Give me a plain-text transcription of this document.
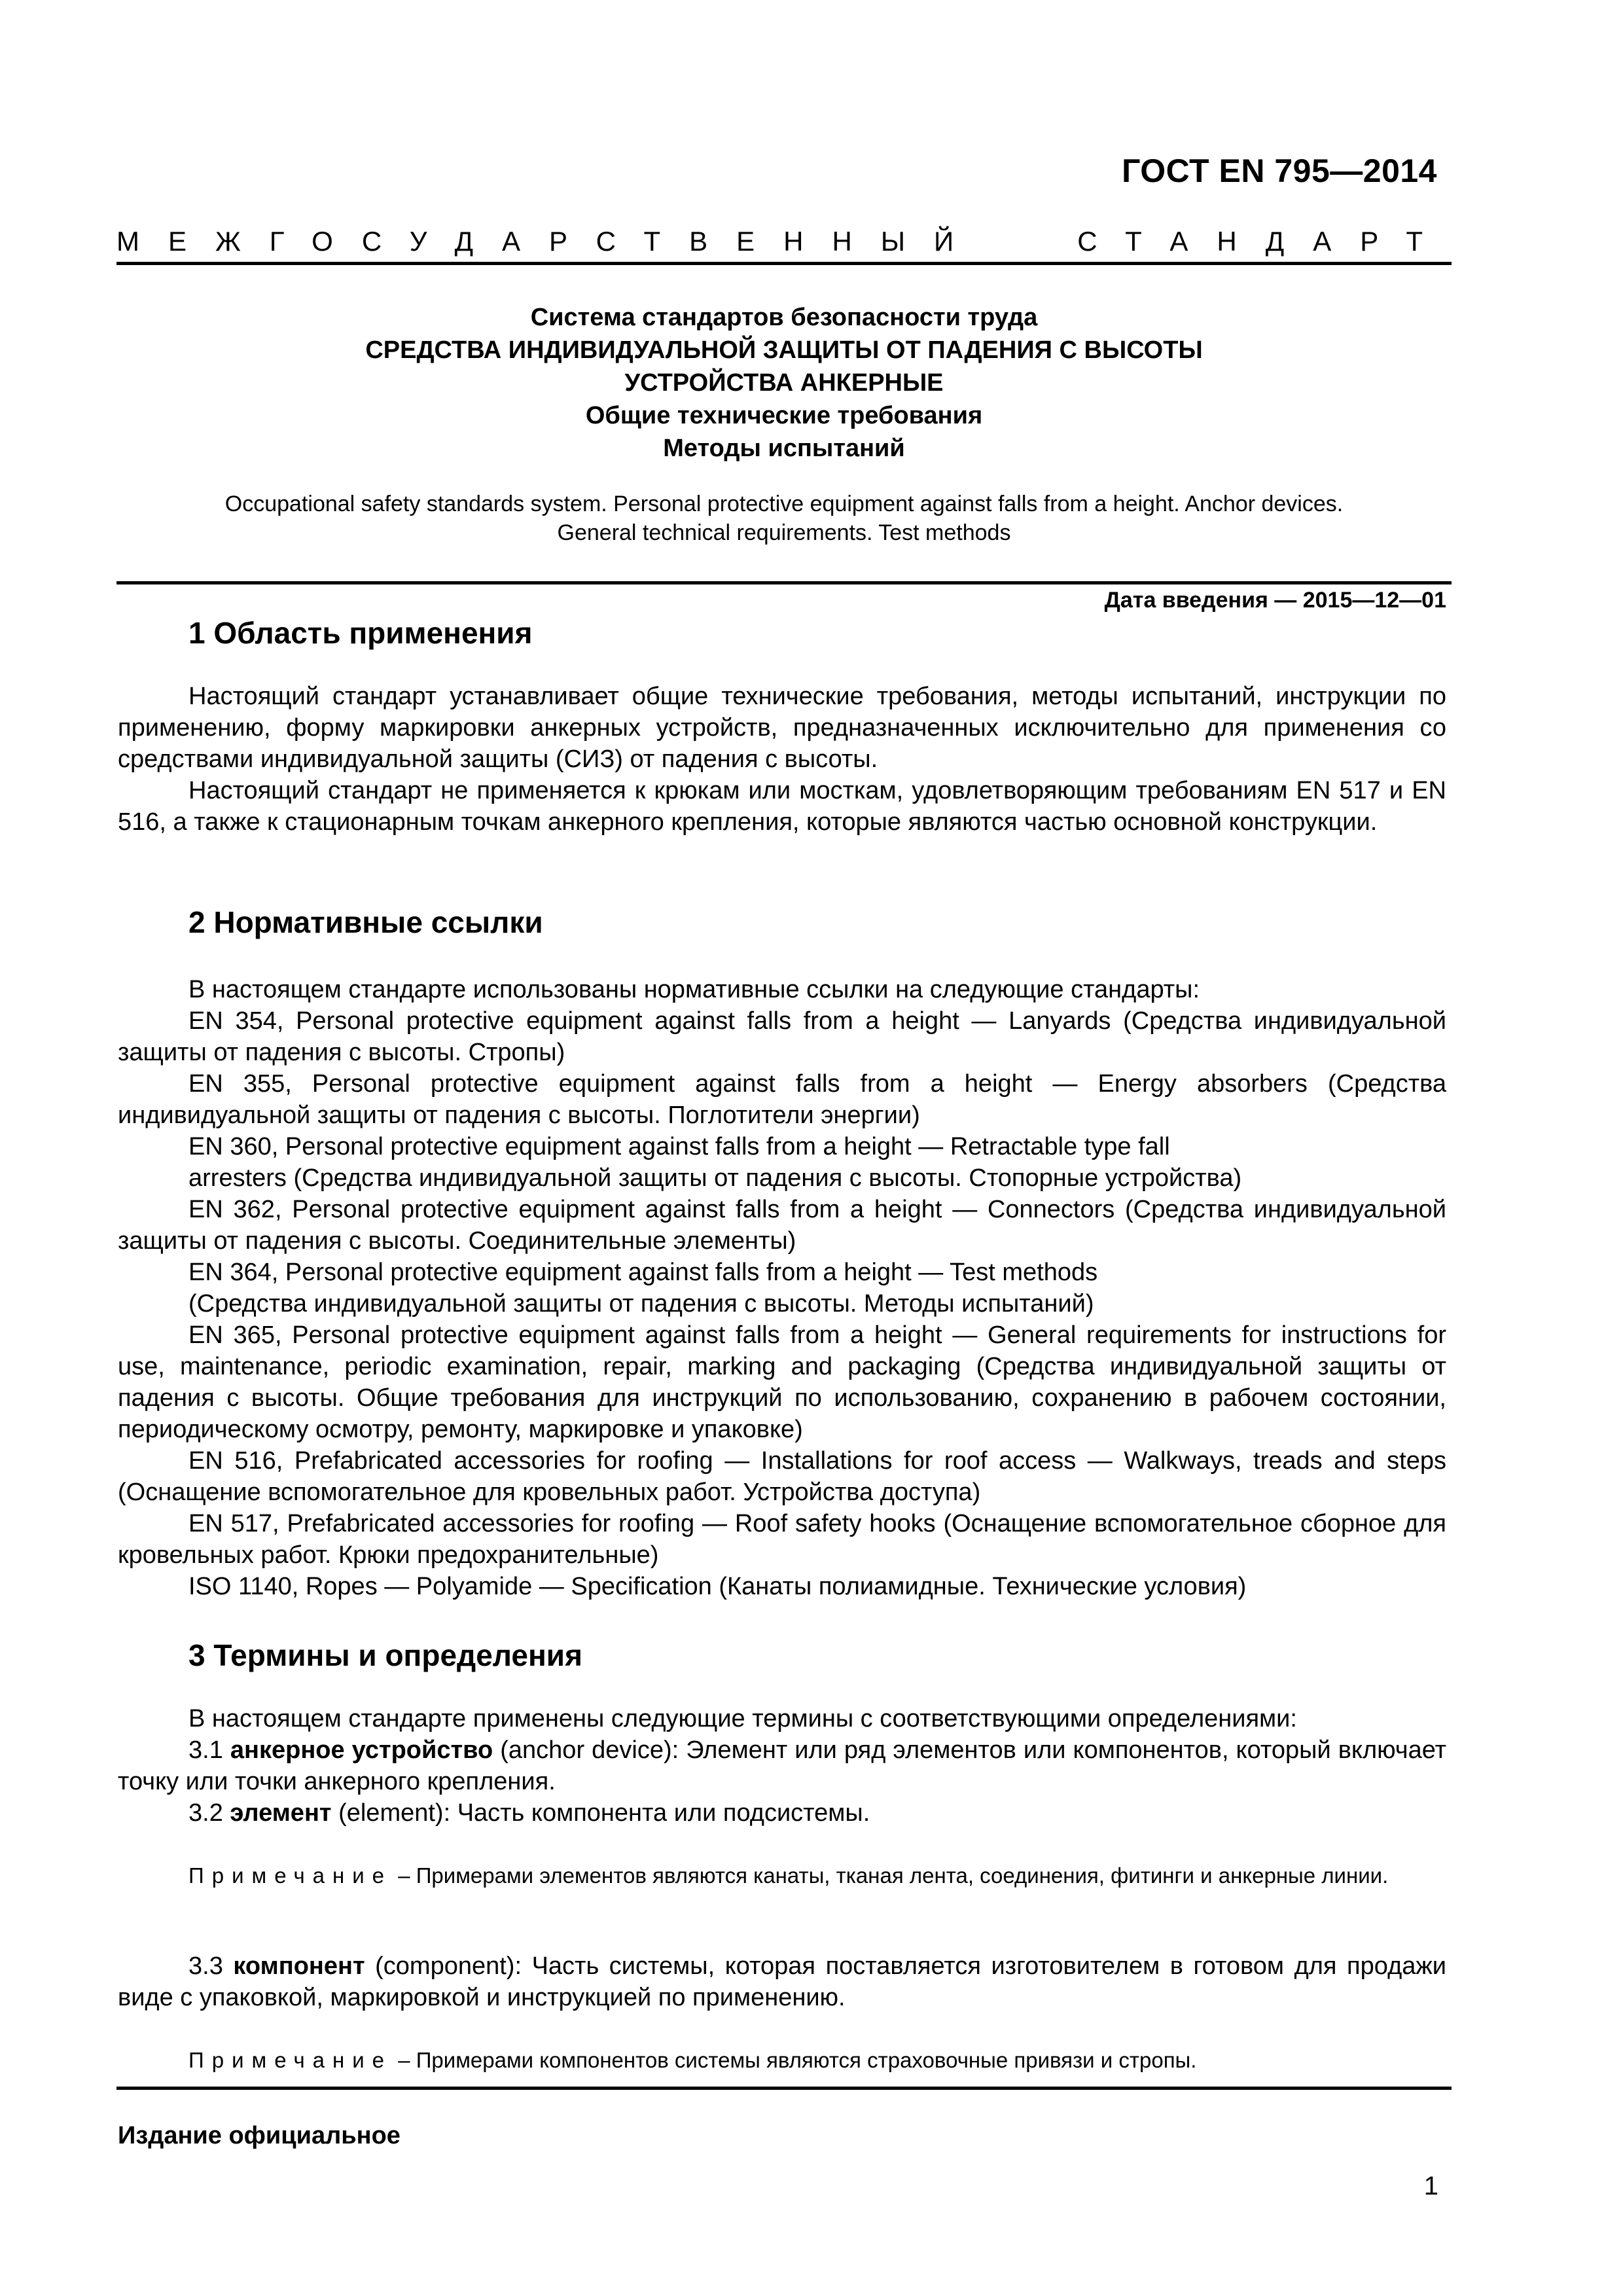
ГОСТ EN 795—2014
МЕЖГОСУДАРСТВЕННЫЙ	СТАНДАРТ
Система стандартов безопасности труда
СРЕДСТВА ИНДИВИДУАЛЬНОЙ ЗАЩИТЫ ОТ ПАДЕНИЯ С ВЫСОТЫ
УСТРОЙСТВА АНКЕРНЫЕ
Общие технические требования
Методы испытаний
Occupational safety standards system. Personal protective equipment against falls from a height. Anchor devices.
General technical requirements. Test methods
Дата введения — 2015—12—01
1 Область применения

Настоящий стандарт устанавливает общие технические требования, методы испытаний, инструкции по применению, форму маркировки анкерных устройств, предназначенных исключительно для применения со средствами индивидуальной защиты (СИЗ) от падения с высоты.

Настоящий стандарт не применяется к крюкам или мосткам, удовлетворяющим требованиям EN 517 и EN 516, а также к стационарным точкам анкерного крепления, которые являются частью основной конструкции.

2 Нормативные ссылки

В настоящем стандарте использованы нормативные ссылки на следующие стандарты:

EN 354, Personal protective equipment against falls from a height — Lanyards (Средства индивидуальной защиты от падения с высоты. Стропы)

EN 355, Personal protective equipment against falls from a height — Energy absorbers (Средства индивидуальной защиты от падения с высоты. Поглотители энергии)

EN 360, Personal protective equipment against falls from a height — Retractable type fall

arresters (Средства индивидуальной защиты от падения с высоты. Стопорные устройства)

EN 362, Personal protective equipment against falls from a height — Connectors (Средства индивидуальной защиты от падения с высоты. Соединительные элементы)

EN 364, Personal protective equipment against falls from a height — Test methods

(Средства индивидуальной защиты от падения с высоты. Методы испытаний)

EN 365, Personal protective equipment against falls from a height — General requirements for instructions for use, maintenance, periodic examination, repair, marking and packaging (Средства индивидуальной защиты от падения с высоты. Общие требования для инструкций по использованию, сохранению в рабочем состоянии, периодическому осмотру, ремонту, маркировке и упаковке)

EN 516, Prefabricated accessories for roofing — Installations for roof access — Walkways, treads and steps (Оснащение вспомогательное для кровельных работ. Устройства доступа)

EN 517, Prefabricated accessories for roofing — Roof safety hooks (Оснащение вспомогательное сборное для кровельных работ. Крюки предохранительные)

ISO 1140, Ropes — Polyamide — Specification (Канаты полиамидные. Технические условия)

3 Термины и определения

В настоящем стандарте применены следующие термины с соответствующими определениями:

3.1 анкерное устройство (anchor device): Элемент или ряд элементов или компонентов, который включает точку или точки анкерного крепления.

3.2 элемент (element): Часть компонента или подсистемы.

Примечание – Примерами элементов являются канаты, тканая лента, соединения, фитинги и анкерные линии.

3.3 компонент (component): Часть системы, которая поставляется изготовителем в готовом для продажи виде с упаковкой, маркировкой и инструкцией по применению.

Примечание – Примерами компонентов системы являются страховочные привязи и стропы.

Издание официальное
1
